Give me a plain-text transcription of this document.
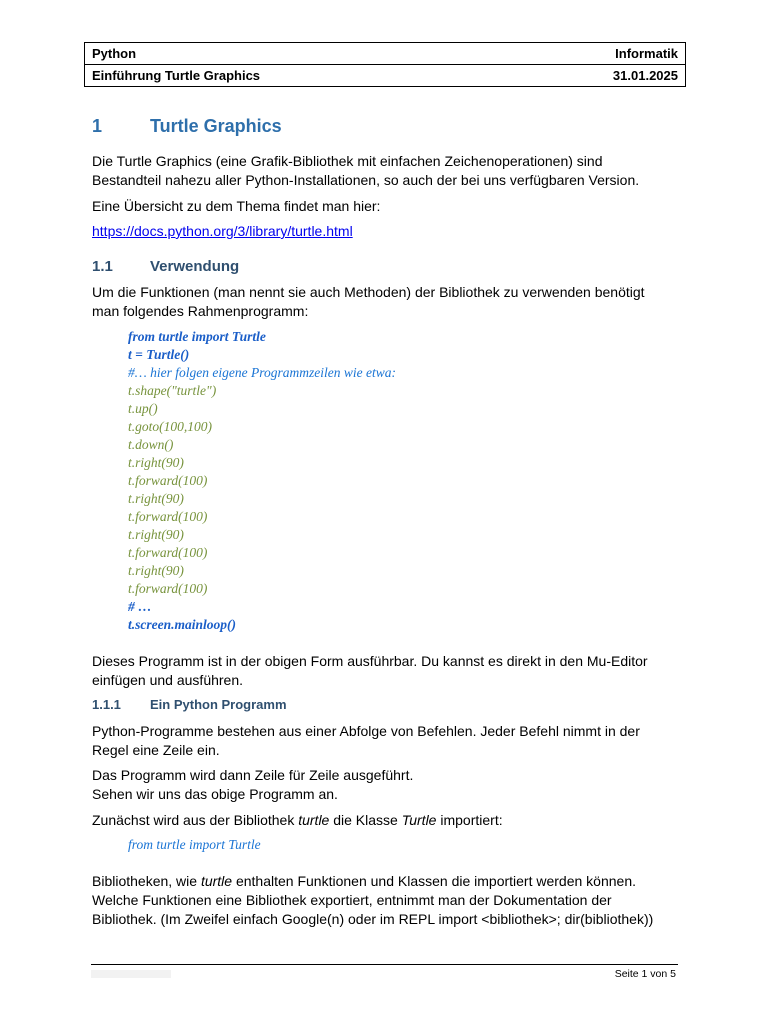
Python	Informatik
Einführung Turtle Graphics	31.01.2025
1	Turtle Graphics
Die Turtle Graphics (eine Grafik-Bibliothek mit einfachen Zeichenoperationen) sind
Bestandteil nahezu aller Python-Installationen, so auch der bei uns verfügbaren Version.
Eine Übersicht zu dem Thema findet man hier:
https://docs.python.org/3/library/turtle.html
1.1 Verwendung
Um die Funktionen (man nennt sie auch Methoden) der Bibliothek zu verwenden benötigt
man folgendes Rahmenprogramm:
from turtle import Turtle
t = Turtle()
#… hier folgen eigene Programmzeilen wie etwa:
t.shape("turtle")
t.up()
t.goto(100,100)
t.down()
t.right(90)
t.forward(100)
t.right(90)
t.forward(100)
t.right(90)
t.forward(100)
t.right(90)
t.forward(100)
# …
t.screen.mainloop()
Dieses Programm ist in der obigen Form ausführbar. Du kannst es direkt in den Mu-Editor
einfügen und ausführen.
1.1.1 Ein Python Programm
Python-Programme bestehen aus einer Abfolge von Befehlen. Jeder Befehl nimmt in der
Regel eine Zeile ein.
Das Programm wird dann Zeile für Zeile ausgeführt.
Sehen wir uns das obige Programm an.
Zunächst wird aus der Bibliothek turtle die Klasse Turtle importiert:
from turtle import Turtle
Bibliotheken, wie turtle enthalten Funktionen und Klassen die importiert werden können.
Welche Funktionen eine Bibliothek exportiert, entnimmt man der Dokumentation der
Bibliothek. (Im Zweifel einfach Google(n) oder im REPL import <bibliothek>; dir(bibliothek))
Seite 1 von 5
